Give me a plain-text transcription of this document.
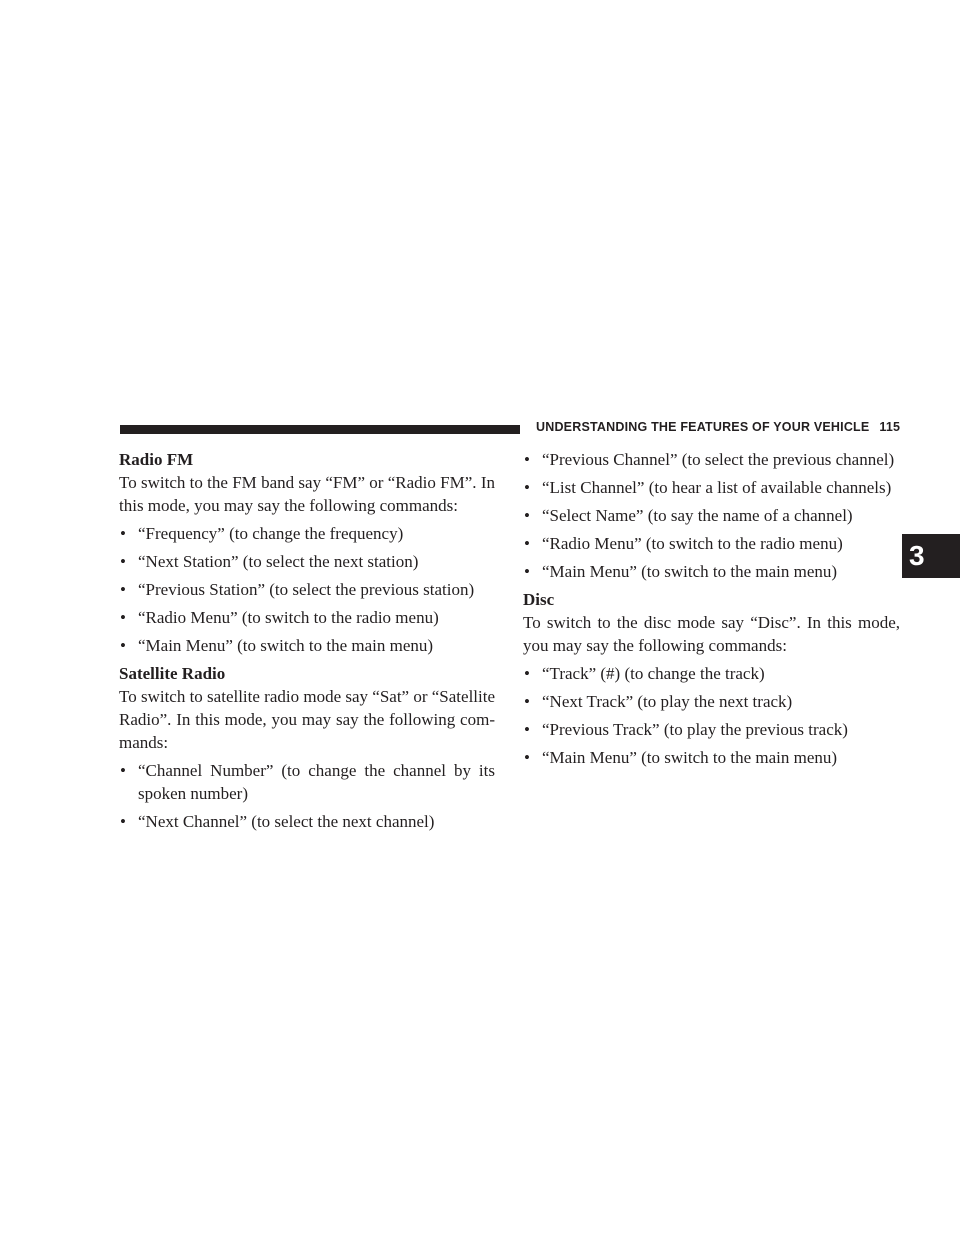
UNDERSTANDING THE FEATURES OF YOUR VEHICLE 115
3

Radio FM

To switch to the FM band say “FM” or “Radio FM”. In this mode, you may say the following commands:

• “Frequency” (to change the frequency)
• “Next Station” (to select the next station)
• “Previous Station” (to select the previous station)
• “Radio Menu” (to switch to the radio menu)
• “Main Menu” (to switch to the main menu)

Satellite Radio

To switch to satellite radio mode say “Sat” or “Satellite Radio”. In this mode, you may say the following com-mands:

• “Channel Number” (to change the channel by its spoken number)
• “Next Channel” (to select the next channel)
• “Previous Channel” (to select the previous channel)
• “List Channel” (to hear a list of available channels)
• “Select Name” (to say the name of a channel)
• “Radio Menu” (to switch to the radio menu)
• “Main Menu” (to switch to the main menu)

Disc

To switch to the disc mode say “Disc”. In this mode, you may say the following commands:

• “Track” (#) (to change the track)
• “Next Track” (to play the next track)
• “Previous Track” (to play the previous track)
• “Main Menu” (to switch to the main menu)
